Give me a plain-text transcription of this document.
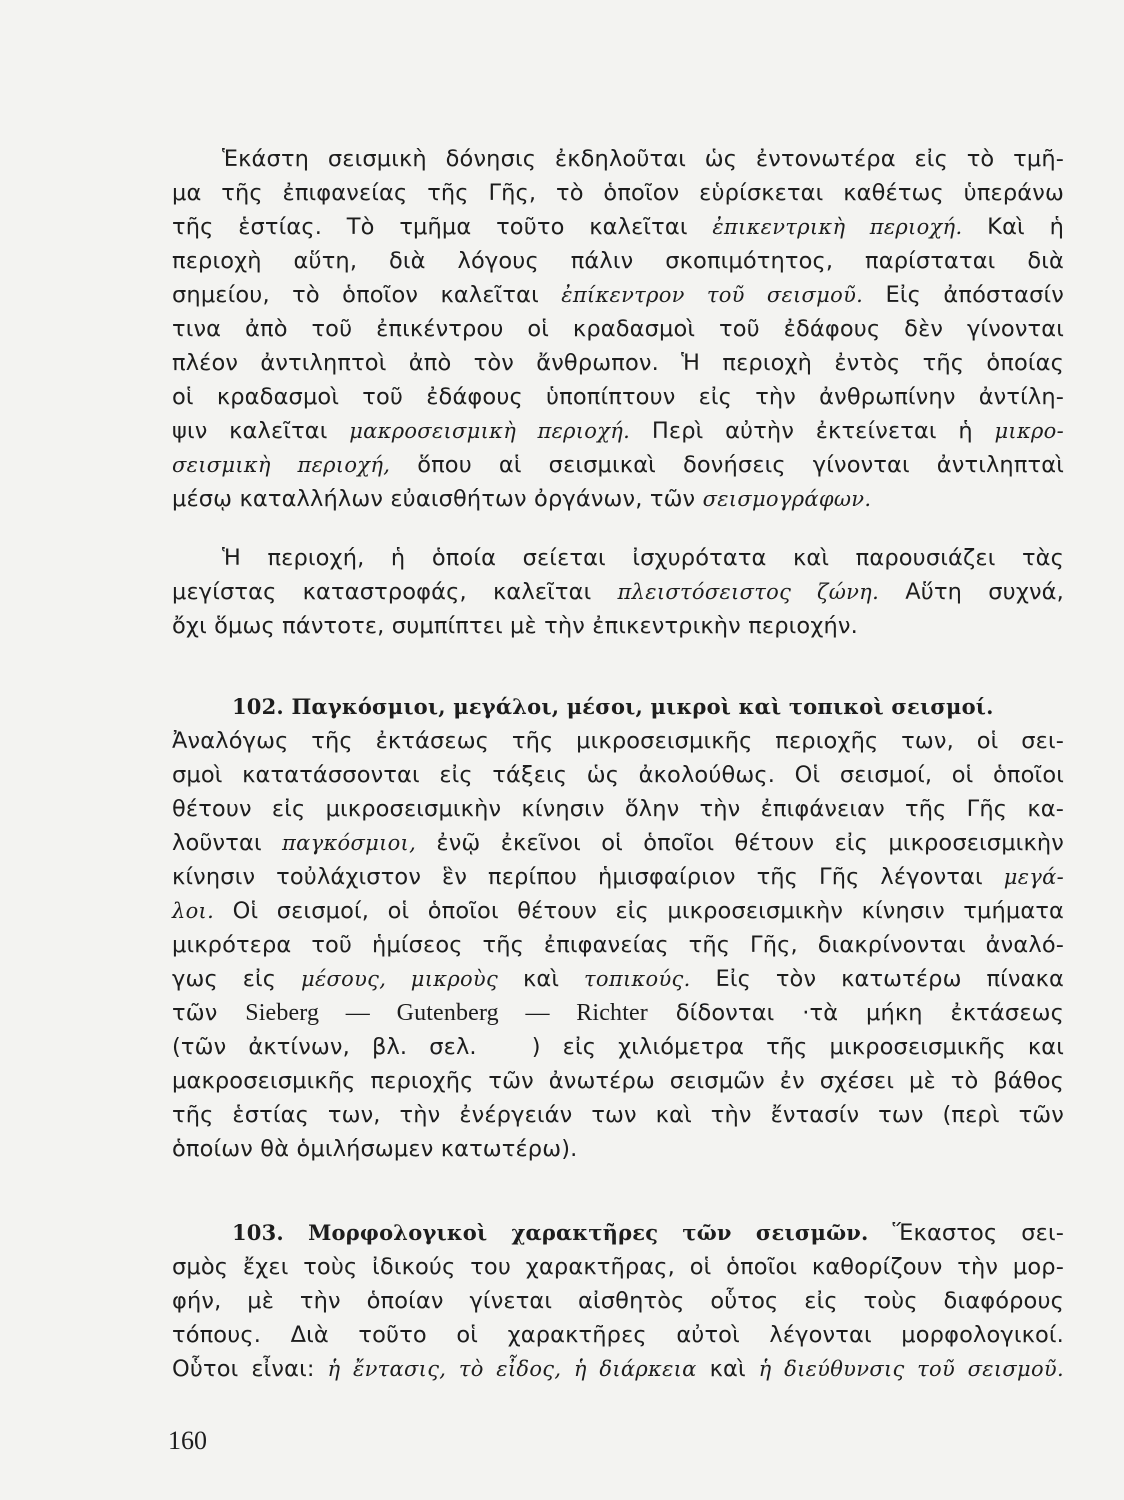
Ἑκάστη σεισμικὴ δόνησις ἐκδηλοῦται ὡς ἐντονωτέρα εἰς τὸ τμῆ-
μα τῆς ἐπιφανείας τῆς Γῆς, τὸ ὁποῖον εὑρίσκεται καθέτως ὑπεράνω
τῆς ἑστίας. Τὸ τμῆμα τοῦτο καλεῖται ἐπικεντρικὴ περιοχή. Καὶ ἡ
περιοχὴ αὕτη, διὰ λόγους πάλιν σκοπιμότητος, παρίσταται διὰ
σημείου, τὸ ὁποῖον καλεῖται ἐπίκεντρον τοῦ σεισμοῦ. Εἰς ἀπόστασίν
τινα ἀπὸ τοῦ ἐπικέντρου οἱ κραδασμοὶ τοῦ ἐδάφους δὲν γίνονται
πλέον ἀντιληπτοὶ ἀπὸ τὸν ἄνθρωπον. Ἡ περιοχὴ ἐντὸς τῆς ὁποίας
οἱ κραδασμοὶ τοῦ ἐδάφους ὑποπίπτουν εἰς τὴν ἀνθρωπίνην ἀντίλη-
ψιν καλεῖται μακροσεισμικὴ περιοχή. Περὶ αὐτὴν ἐκτείνεται ἡ μικρο-
σεισμικὴ περιοχή, ὅπου αἱ σεισμικαὶ δονήσεις γίνονται ἀντιληπταὶ
μέσῳ καταλλήλων εὐαισθήτων ὀργάνων, τῶν σεισμογράφων.
Ἡ περιοχή, ἡ ὁποία σείεται ἰσχυρότατα καὶ παρουσιάζει τὰς
μεγίστας καταστροφάς, καλεῖται πλειστόσειστος ζώνη. Αὕτη συχνά,
ὄχι ὅμως πάντοτε, συμπίπτει μὲ τὴν ἐπικεντρικὴν περιοχήν.
102. Παγκόσμιοι, μεγάλοι, μέσοι, μικροὶ καὶ τοπικοὶ σεισμοί.
Ἀναλόγως τῆς ἐκτάσεως τῆς μικροσεισμικῆς περιοχῆς των, οἱ σει-
σμοὶ κατατάσσονται εἰς τάξεις ὡς ἀκολούθως. Οἱ σεισμοί, οἱ ὁποῖοι
θέτουν εἰς μικροσεισμικὴν κίνησιν ὅλην τὴν ἐπιφάνειαν τῆς Γῆς κα-
λοῦνται παγκόσμιοι, ἐνῷ ἐκεῖνοι οἱ ὁποῖοι θέτουν εἰς μικροσεισμικὴν
κίνησιν τοὐλάχιστον ἓν περίπου ἡμισφαίριον τῆς Γῆς λέγονται μεγά-
λοι. Οἱ σεισμοί, οἱ ὁποῖοι θέτουν εἰς μικροσεισμικὴν κίνησιν τμήματα
μικρότερα τοῦ ἡμίσεος τῆς ἐπιφανείας τῆς Γῆς, διακρίνονται ἀναλό-
γως εἰς μέσους, μικροὺς καὶ τοπικούς. Εἰς τὸν κατωτέρω πίνακα
τῶν Sieberg — Gutenberg — Richter δίδονται ·τὰ μήκη ἐκτάσεως
(τῶν ἀκτίνων, βλ. σελ. ) εἰς χιλιόμετρα τῆς μικροσεισμικῆς και
μακροσεισμικῆς περιοχῆς τῶν ἀνωτέρω σεισμῶν ἐν σχέσει μὲ τὸ βάθος
τῆς ἑστίας των, τὴν ἐνέργειάν των καὶ τὴν ἔντασίν των (περὶ τῶν
ὁποίων θὰ ὁμιλήσωμεν κατωτέρω).
103. Μορφολογικοὶ χαρακτῆρες τῶν σεισμῶν. Ἕκαστος σει-
σμὸς ἔχει τοὺς ἰδικούς του χαρακτῆρας, οἱ ὁποῖοι καθορίζουν τὴν μορ-
φήν, μὲ τὴν ὁποίαν γίνεται αἰσθητὸς οὗτος εἰς τοὺς διαφόρους
τόπους. Διὰ τοῦτο οἱ χαρακτῆρες αὐτοὶ λέγονται μορφολογικοί.
Οὗτοι εἶναι: ἡ ἔντασις, τὸ εἶδος, ἡ διάρκεια καὶ ἡ διεύθυνσις τοῦ σεισμοῦ.
160
